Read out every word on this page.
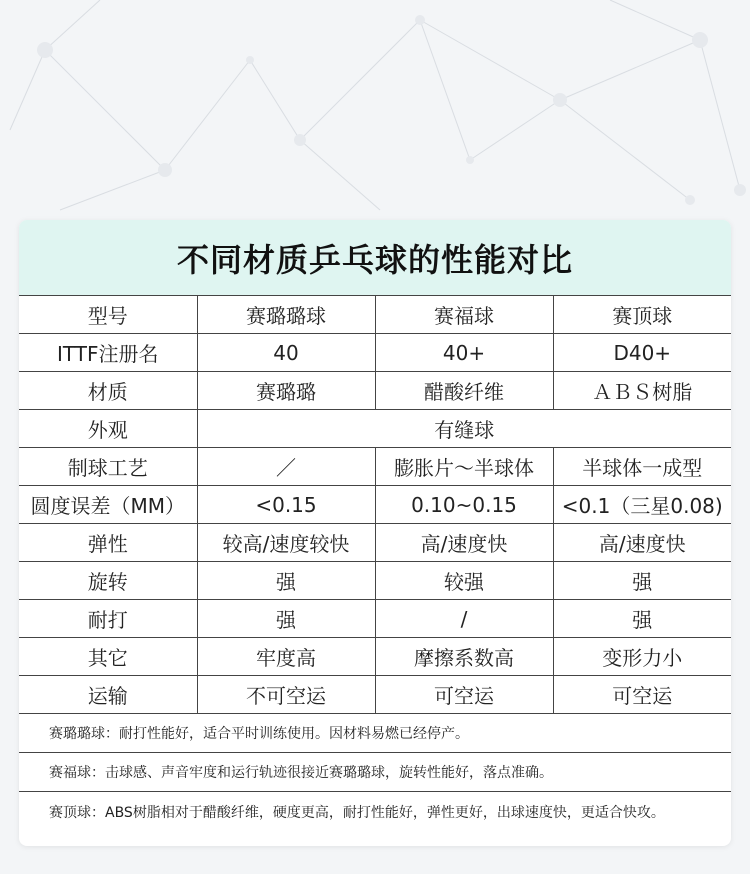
不同材质乒乓球的性能对比
型号	赛璐璐球	赛福球	赛顶球
ITTF注册名	40	40+	D40+
材质	赛璐璐	醋酸纤维	ＡＢＳ树脂
外观	有缝球		
制球工艺	／	膨胀片～半球体	半球体一成型
圆度误差（MM）	<0.15	0.10~0.15	<0.1（三星0.08)
弹性	较高/速度较快	高/速度快	高/速度快
旋转	强	较强	强
耐打	强	/	强
其它	牢度高	摩擦系数高	变形力小
运输	不可空运	可空运	可空运
赛璐璐球：耐打性能好，适合平时训练使用。因材料易燃已经停产。
赛福球：击球感、声音牢度和运行轨迹很接近赛璐璐球，旋转性能好，落点准确。
赛顶球：ABS树脂相对于醋酸纤维，硬度更高，耐打性能好，弹性更好，出球速度快，更适合快攻。
